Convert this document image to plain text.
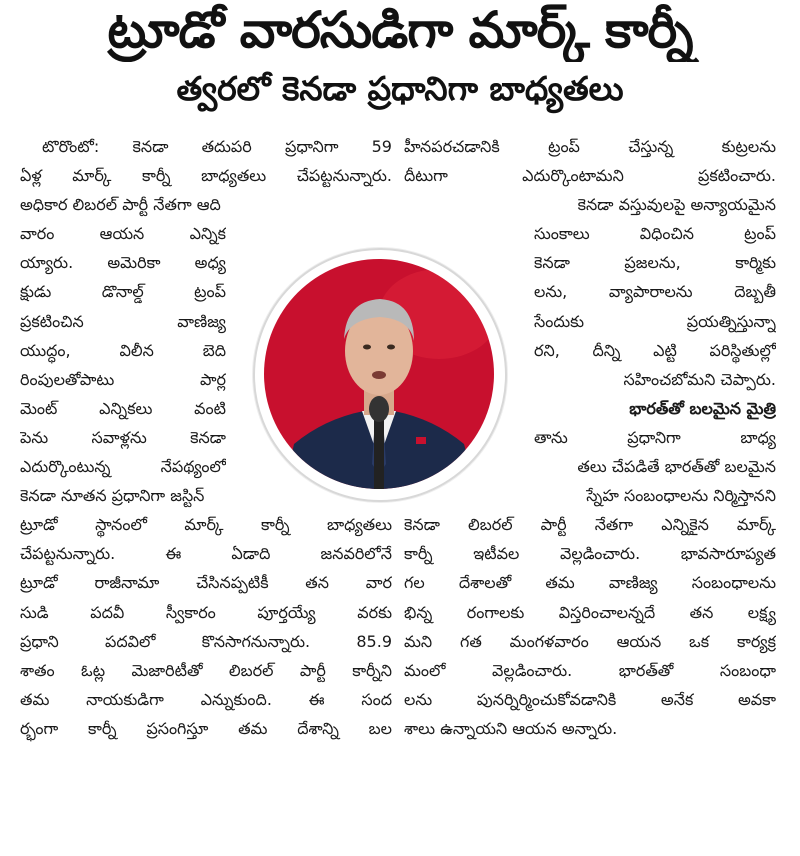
ట్రూడో వారసుడిగా మార్క్ కార్నీ
త్వరలో కెనడా ప్రధానిగా బాధ్యతలు
టొరొంటో: కెనడా తదుపరి ప్రధానిగా 59
ఏళ్ల మార్క్ కార్నీ బాధ్యతలు చేపట్టనున్నారు.
అధికార లిబరల్ పార్టీ నేతగా ఆది
వారం ఆయన ఎన్నిక
య్యారు. అమెరికా అధ్య
క్షుడు డొనాల్డ్ ట్రంప్
ప్రకటించిన వాణిజ్య
యుద్ధం, విలీన బెది
రింపులతోపాటు పార్ల
మెంట్ ఎన్నికలు వంటి
పెను సవాళ్లను కెనడా
ఎదుర్కొంటున్న నేపథ్యంలో
కెనడా నూతన ప్రధానిగా జస్టిన్
ట్రూడో స్థానంలో మార్క్ కార్నీ బాధ్యతలు
చేపట్టనున్నారు. ఈ ఏడాది జనవరిలోనే
ట్రూడో రాజీనామా చేసినప్పటికీ తన వార
సుడి పదవీ స్వీకారం పూర్తయ్యే వరకు
ప్రధాని పదవిలో కొనసాగనున్నారు. 85.9
శాతం ఓట్ల మెజారిటీతో లిబరల్ పార్టీ కార్నీని
తమ నాయకుడిగా ఎన్నుకుంది. ఈ సంద
ర్భంగా కార్నీ ప్రసంగిస్తూ తమ దేశాన్ని బల
హీనపరచడానికి ట్రంప్ చేస్తున్న కుట్రలను
దీటుగా ఎదుర్కొంటామని ప్రకటించారు.
కెనడా వస్తువులపై అన్యాయమైన
సుంకాలు విధించిన ట్రంప్
కెనడా ప్రజలను, కార్మికు
లను, వ్యాపారాలను దెబ్బతీ
సేందుకు ప్రయత్నిస్తున్నా
రని, దీన్ని ఎట్టి పరిస్థితుల్లో
సహించబోమని చెప్పారు.
భారత్‌తో బలమైన మైత్రి
తాను ప్రధానిగా బాధ్య
తలు చేపడితే భారత్‌తో బలమైన
స్నేహ సంబంధాలను నిర్మిస్తానని
కెనడా లిబరల్ పార్టీ నేతగా ఎన్నికైన మార్క్
కార్నీ ఇటీవల వెల్లడించారు. భావసారూప్యత
గల దేశాలతో తమ వాణిజ్య సంబంధాలను
భిన్న రంగాలకు విస్తరించాలన్నదే తన లక్ష్య
మని గత మంగళవారం ఆయన ఒక కార్యక్ర
మంలో వెల్లడించారు. భారత్‌తో సంబంధా
లను పునర్నిర్మించుకోవడానికి అనేక అవకా
శాలు ఉన్నాయని ఆయన అన్నారు.
